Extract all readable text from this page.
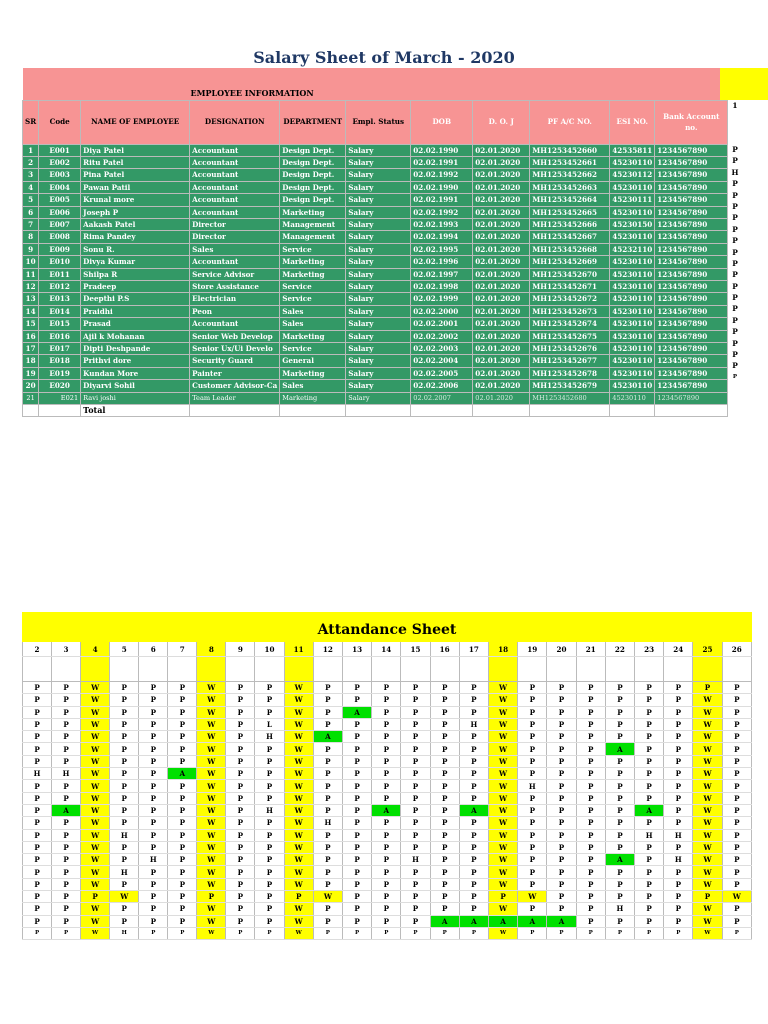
Salary Sheet of March - 2020
EMPLOYEE INFORMATION										

SR	Code	NAME OF EMPLOYEE	DESIGNATION	DEPARTMENT	Empl. Status	DOB	D. O. J	PF A/C NO.	ESI NO.	Bank Account no.
1	E001	Diya Patel	Accountant	Design Dept.	Salary	02.02.1990	02.01.2020	MH1253452660	42535811	1234567890
2	E002	Ritu Patel	Accountant	Design Dept.	Salary	02.02.1991	02.01.2020	MH1253452661	45230110	1234567890
3	E003	Pina Patel	Accountant	Design Dept.	Salary	02.02.1992	02.01.2020	MH1253452662	45230112	1234567890
4	E004	Pawan Patil	Accountant	Design Dept.	Salary	02.02.1990	02.01.2020	MH1253452663	45230110	1234567890
5	E005	Krunal more	Accountant	Design Dept.	Salary	02.02.1991	02.01.2020	MH1253452664	45230111	1234567890
6	E006	Joseph P	Accountant	Marketing	Salary	02.02.1992	02.01.2020	MH1253452665	45230110	1234567890
7	E007	Aakash Patel	Director	Management	Salary	02.02.1993	02.01.2020	MH1253452666	45230150	1234567890
8	E008	Rima Pandey	Director	Management	Salary	02.02.1994	02.01.2020	MH1253452667	45230110	1234567890
9	E009	Sonu R.	Sales	Service	Salary	02.02.1995	02.01.2020	MH1253452668	45232110	1234567890
10	E010	Divya Kumar	Accountant	Marketing	Salary	02.02.1996	02.01.2020	MH1253452669	45230110	1234567890
11	E011	Shilpa R	Service Advisor	Marketing	Salary	02.02.1997	02.01.2020	MH1253452670	45230110	1234567890
12	E012	Pradeep	Store Assistance	Service	Salary	02.02.1998	02.01.2020	MH1253452671	45230110	1234567890
13	E013	Deepthi P.S	Electrician	Service	Salary	02.02.1999	02.01.2020	MH1253452672	45230110	1234567890
14	E014	Praidhi	Peon	Sales	Salary	02.02.2000	02.01.2020	MH1253452673	45230110	1234567890
15	E015	Prasad	Accountant	Sales	Salary	02.02.2001	02.01.2020	MH1253452674	45230110	1234567890
16	E016	Ajil k Mohanan	Senior Web Develop	Marketing	Salary	02.02.2002	02.01.2020	MH1253452675	45230110	1234567890
17	E017	Dipti Deshpande	Senior Ux/Ui Develo	Service	Salary	02.02.2003	02.01.2020	MH1253452676	45230110	1234567890
18	E018	Prithvi dore	Security Guard	General	Salary	02.02.2004	02.01.2020	MH1253452677	45230110	1234567890
19	E019	Kundan More	Painter	Marketing	Salary	02.02.2005	02.01.2020	MH1253452678	45230110	1234567890
20	E020	Diyarvi Sohil	Customer Advisor-Ca	Sales	Salary	02.02.2006	02.01.2020	MH1253452679	45230110	1234567890
21	E021	Ravi joshi	Team Leader	Marketing	Salary	02.02.2007	02.01.2020	MH1253452680	45230110	1234567890
		Total								
1
P
P
H
P
P
P
P
P
P
P
P
P
P
P
P
P
P
P
P
P
P
Attandance Sheet
2	3	4	5	6	7	8	9	10	11	12	13	14	15	16	17	18	19	20	21	22	23	24	25	26

P	P	W	P	P	P	W	P	P	W	P	P	P	P	P	P	W	P	P	P	P	P	P	P	P
P	P	W	P	P	P	W	P	P	W	P	P	P	P	P	P	W	P	P	P	P	P	P	W	P
P	P	W	P	P	P	W	P	P	W	P	A	P	P	P	P	W	P	P	P	P	P	P	W	P
P	P	W	P	P	P	W	P	L	W	P	P	P	P	P	H	W	P	P	P	P	P	P	W	P
P	P	W	P	P	P	W	P	H	W	A	P	P	P	P	P	W	P	P	P	P	P	P	W	P
P	P	W	P	P	P	W	P	P	W	P	P	P	P	P	P	W	P	P	P	A	P	P	W	P
P	P	W	P	P	P	W	P	P	W	P	P	P	P	P	P	W	P	P	P	P	P	P	W	P
H	H	W	P	P	A	W	P	P	W	P	P	P	P	P	P	W	P	P	P	P	P	P	W	P
P	P	W	P	P	P	W	P	P	W	P	P	P	P	P	P	W	H	P	P	P	P	P	W	P
P	P	W	P	P	P	W	P	P	W	P	P	P	P	P	P	W	P	P	P	P	P	P	W	P
P	A	W	P	P	P	W	P	H	W	P	P	A	P	P	A	W	P	P	P	P	A	P	W	P
P	P	W	P	P	P	W	P	P	W	H	P	P	P	P	P	W	P	P	P	P	P	P	W	P
P	P	W	H	P	P	W	P	P	W	P	P	P	P	P	P	W	P	P	P	P	H	H	W	P
P	P	W	P	P	P	W	P	P	W	P	P	P	P	P	P	W	P	P	P	P	P	P	W	P
P	P	W	P	H	P	W	P	P	W	P	P	P	H	P	P	W	P	P	P	A	P	H	W	P
P	P	W	H	P	P	W	P	P	W	P	P	P	P	P	P	W	P	P	P	P	P	P	W	P
P	P	W	P	P	P	W	P	P	W	P	P	P	P	P	P	W	P	P	P	P	P	P	W	P
P	P	P	W	P	P	P	P	P	P	W	P	P	P	P	P	P	W	P	P	P	P	P	P	W
P	P	W	P	P	P	W	P	P	W	P	P	P	P	P	P	W	P	P	P	H	P	P	W	P
P	P	W	P	P	P	W	P	P	W	P	P	P	P	A	A	A	A	A	P	P	P	P	W	P
P	P	W	H	P	P	W	P	P	W	P	P	P	P	P	P	W	P	P	P	P	P	P	W	P
